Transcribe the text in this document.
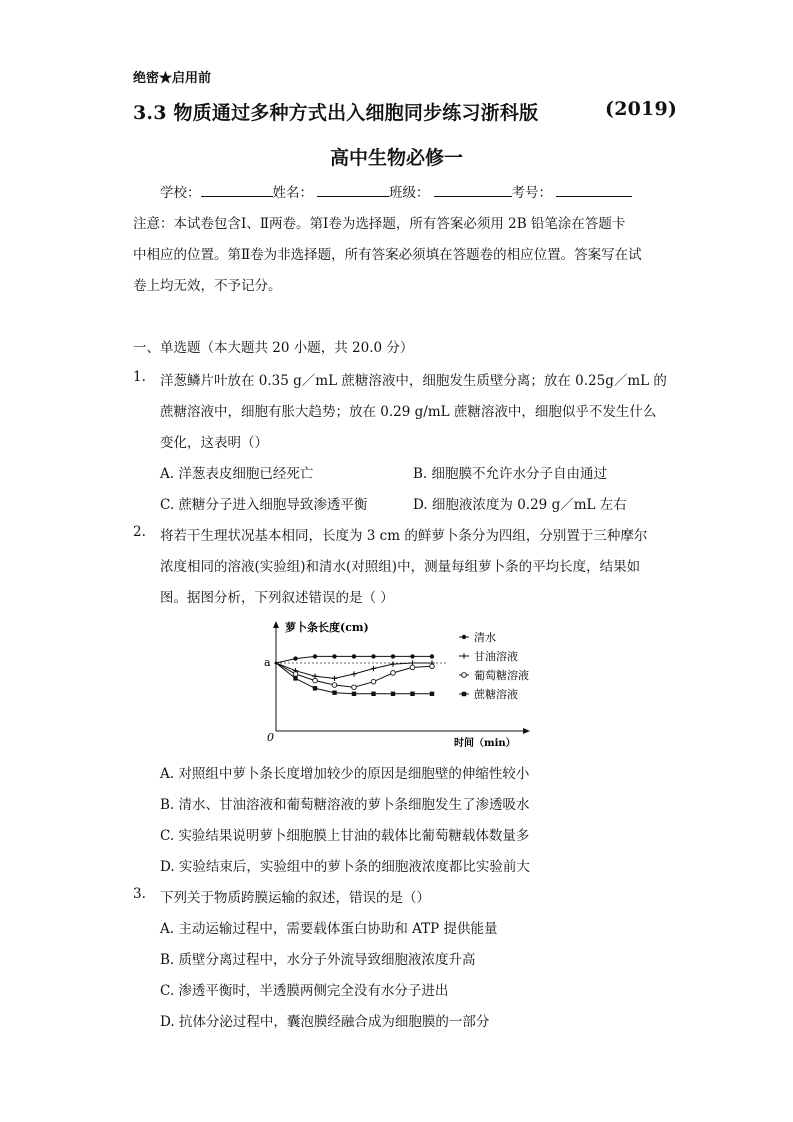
绝密★启用前
3.3 物质通过多种方式出入细胞同步练习浙科版	(2019)
高中生物必修一
学校：	姓名：	班级：	考号：
注意：本试卷包含Ⅰ、Ⅱ两卷。第Ⅰ卷为选择题，所有答案必须用 2B 铅笔涂在答题卡
中相应的位置。第Ⅱ卷为非选择题，所有答案必须填在答题卷的相应位置。答案写在试
卷上均无效，不予记分。
一、单选题（本大题共 20 小题，共 20.0 分）
1. 洋葱鳞片叶放在 0.35 g／mL 蔗糖溶液中，细胞发生质壁分离；放在 0.25g／mL 的
蔗糖溶液中，细胞有胀大趋势；放在 0.29 g/mL 蔗糖溶液中，细胞似乎不发生什么
变化，这表明（）
A. 洋葱表皮细胞已经死亡	B. 细胞膜不允许水分子自由通过
C. 蔗糖分子进入细胞导致渗透平衡	D. 细胞液浓度为 0.29 g／mL 左右
2. 将若干生理状况基本相同，长度为 3 cm 的鲜萝卜条分为四组，分别置于三种摩尔
浓度相同的溶液(实验组)和清水(对照组)中，测量每组萝卜条的平均长度，结果如
图。据图分析，下列叙述错误的是（ ）
萝卜条长度(cm)
a
0	时间（min）
清水
甘油溶液
葡萄糖溶液
蔗糖溶液
A. 对照组中萝卜条长度增加较少的原因是细胞壁的伸缩性较小
B. 清水、甘油溶液和葡萄糖溶液的萝卜条细胞发生了渗透吸水
C. 实验结果说明萝卜细胞膜上甘油的载体比葡萄糖载体数量多
D. 实验结束后，实验组中的萝卜条的细胞液浓度都比实验前大
3. 下列关于物质跨膜运输的叙述，错误的是（）
A. 主动运输过程中，需要载体蛋白协助和 ATP 提供能量
B. 质壁分离过程中，水分子外流导致细胞液浓度升高
C. 渗透平衡时，半透膜两侧完全没有水分子进出
D. 抗体分泌过程中，囊泡膜经融合成为细胞膜的一部分
